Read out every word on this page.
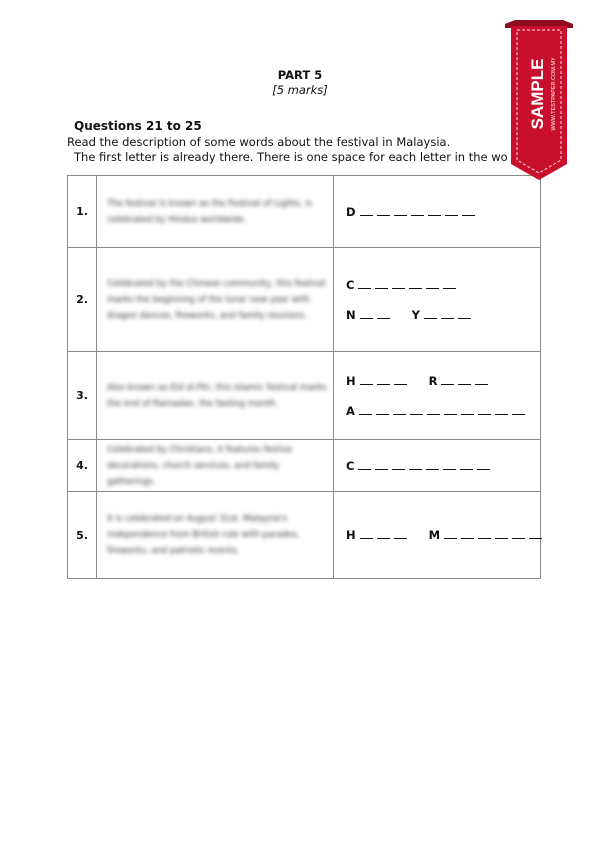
PART 5
[5 marks]
Questions 21 to 25
Read the description of some words about the festival in Malaysia.
The first letter is already there. There is one space for each letter in the wo
1.	The festival is known as the Festival of Lights, is celebrated by Hindus worldwide.	D

2.	Celebrated by the Chinese community, this festival marks the beginning of the lunar new year with dragon dances, fireworks, and family reunions.	C
N Y

3.	Also known as Eid al-Fitr, this Islamic festival marks the end of Ramadan, the fasting month.	H R
A

4.	Celebrated by Christians, it features festive decorations, church services, and family gatherings.	C

5.	It is celebrated on August 31st, Malaysia's independence from British rule with parades, fireworks, and patriotic events.	H M
SAMPLE WWW.TESTPAPER.COM.MY
